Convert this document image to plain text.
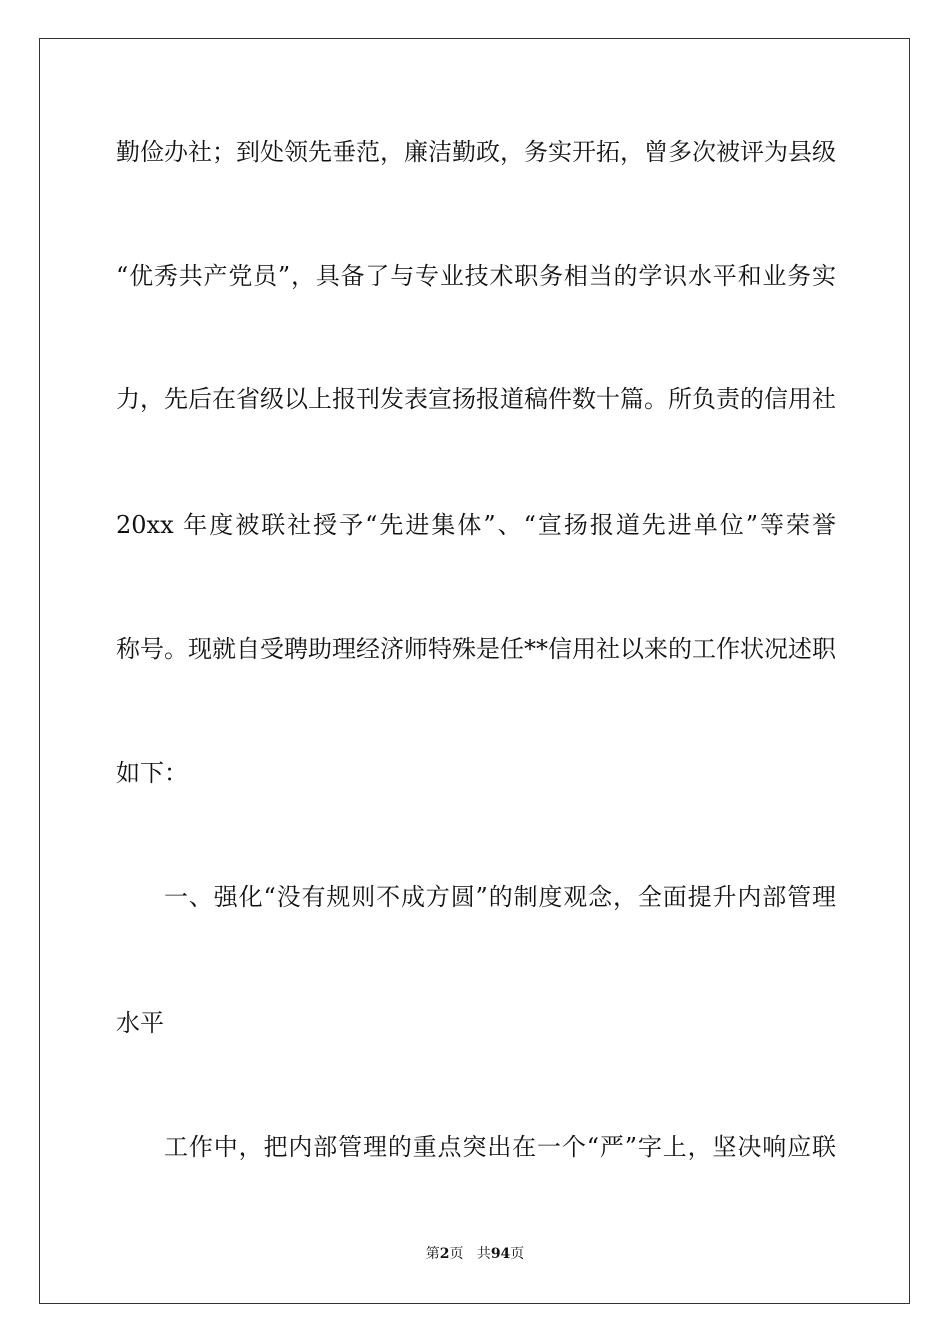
勤俭办社；到处领先垂范，廉洁勤政，务实开拓，曾多次被评为县级
“优秀共产党员”，具备了与专业技术职务相当的学识水平和业务实
力，先后在省级以上报刊发表宣扬报道稿件数十篇。所负责的信用社
20xx 年度被联社授予“先进集体”、“宣扬报道先进单位”等荣誉
称号。现就自受聘助理经济师特殊是任**信用社以来的工作状况述职
如下：
一、强化“没有规则不成方圆”的制度观念，全面提升内部管理
水平
工作中，把内部管理的重点突出在一个“严”字上，坚决响应联
第2页 共94页
